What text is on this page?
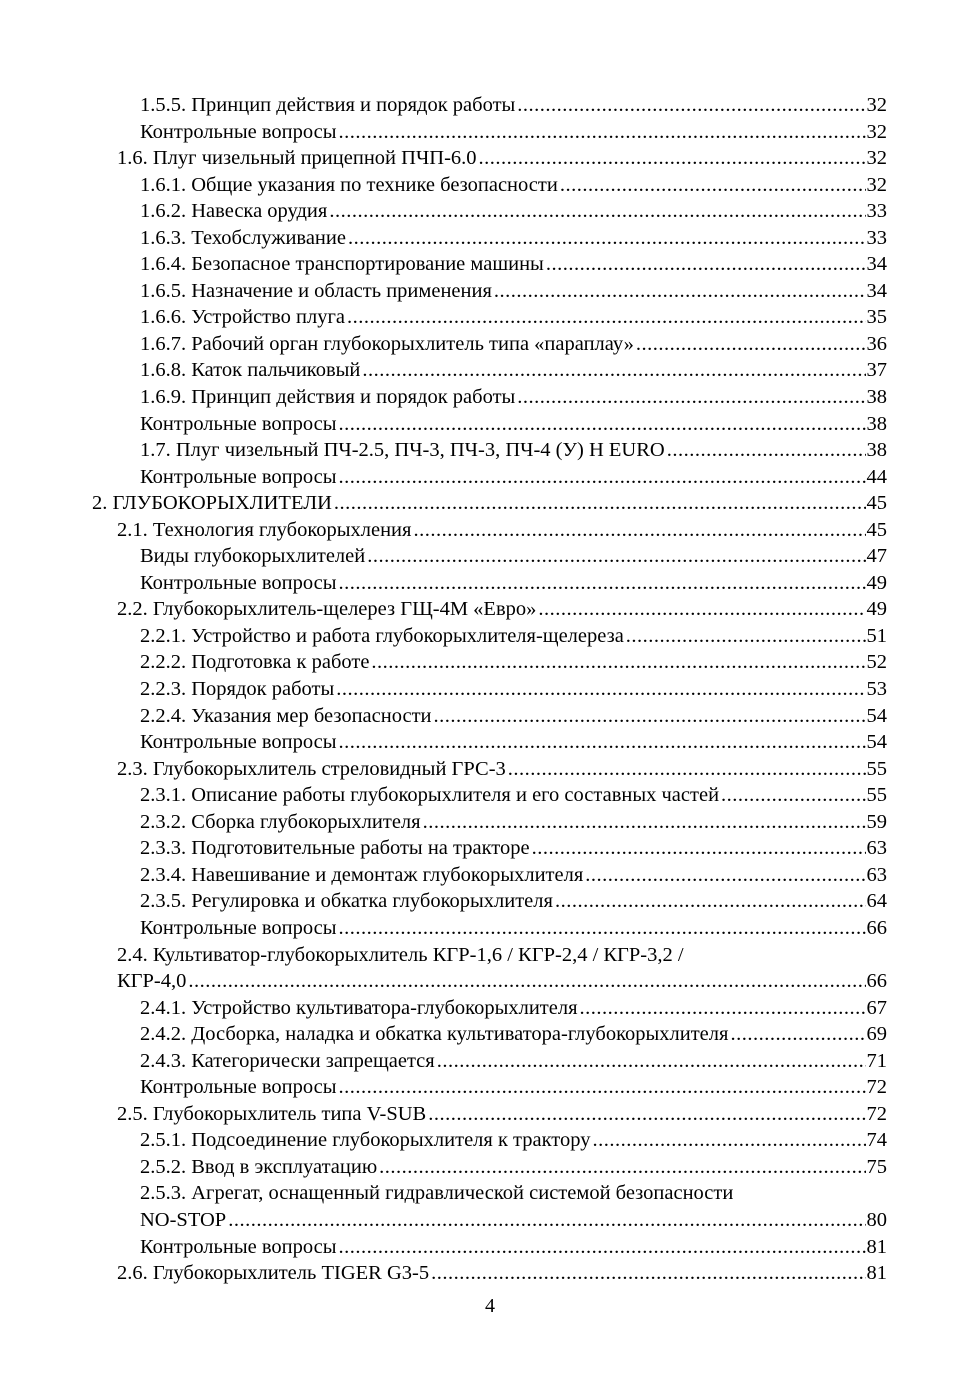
1.5.5. Принцип действия и порядок работы .....	32
Контрольные вопросы .....	32
1.6. Плуг чизельный прицепной ПЧП-6.0 .....	32
1.6.1. Общие указания по технике безопасности .....	32
1.6.2. Навеска орудия .....	33
1.6.3. Техобслуживание .....	33
1.6.4. Безопасное транспортирование машины .....	34
1.6.5. Назначение и область применения .....	34
1.6.6. Устройство плуга .....	35
1.6.7. Рабочий орган глубокорыхлитель типа «параплау» .....	36
1.6.8. Каток пальчиковый .....	37
1.6.9. Принцип действия и порядок работы .....	38
Контрольные вопросы .....	38
1.7. Плуг чизельный ПЧ-2.5, ПЧ-3, ПЧ-3, ПЧ-4 (У) Н EURO .....	38
Контрольные вопросы .....	44
2. ГЛУБОКОРЫХЛИТЕЛИ .....	45
2.1. Технология глубокорыхления .....	45
Виды глубокорыхлителей .....	47
Контрольные вопросы .....	49
2.2. Глубокорыхлитель-щелерез ГЩ-4М «Евро» .....	49
2.2.1. Устройство и работа глубокорыхлителя-щелереза .....	51
2.2.2. Подготовка к работе .....	52
2.2.3. Порядок работы .....	53
2.2.4. Указания мер безопасности .....	54
Контрольные вопросы .....	54
2.3. Глубокорыхлитель стреловидный ГРС-3 .....	55
2.3.1. Описание работы глубокорыхлителя и его составных частей .....	55
2.3.2. Сборка глубокорыхлителя .....	59
2.3.3. Подготовительные работы на тракторе .....	63
2.3.4. Навешивание и демонтаж глубокорыхлителя .....	63
2.3.5. Регулировка и обкатка глубокорыхлителя .....	64
Контрольные вопросы .....	66
2.4. Культиватор-глубокорыхлитель КГР-1,6 / КГР-2,4 / КГР-3,2 /
КГР-4,0 .....	66
2.4.1. Устройство культиватора-глубокорыхлителя .....	67
2.4.2. Досборка, наладка и обкатка культиватора-глубокорыхлителя .....	69
2.4.3. Категорически запрещается .....	71
Контрольные вопросы .....	72
2.5. Глубокорыхлитель типа V-SUB .....	72
2.5.1. Подсоединение глубокорыхлителя к трактору .....	74
2.5.2. Ввод в эксплуатацию .....	75
2.5.3. Агрегат, оснащенный гидравлической системой безопасности
NO-STOP .....	80
Контрольные вопросы .....	81
2.6. Глубокорыхлитель TIGER G3-5 .....	81
4
